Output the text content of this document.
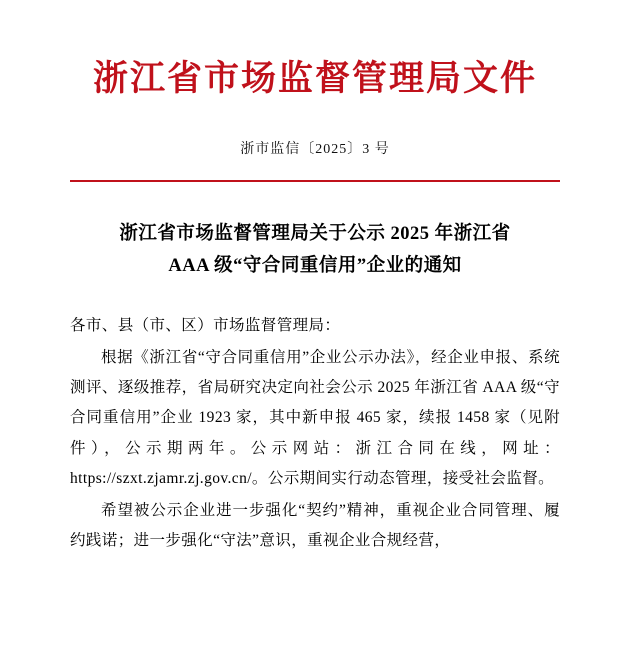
浙江省市场监督管理局文件
浙市监信〔2025〕3 号
浙江省市场监督管理局关于公示 2025 年浙江省
AAA 级“守合同重信用”企业的通知

各市、县（市、区）市场监督管理局：

根据《浙江省“守合同重信用”企业公示办法》，经企业申报、系统测评、逐级推荐，省局研究决定向社会公示 2025 年浙江省 AAA 级“守合同重信用”企业 1923 家，其中新申报 465 家，续报 1458 家（见附件），公示期两年。公示网站：浙江合同在线，网址：https://szxt.zjamr.zj.gov.cn/。公示期间实行动态管理，接受社会监督。

希望被公示企业进一步强化“契约”精神，重视企业合同管理、履约践诺；进一步强化“守法”意识，重视企业合规经营，
